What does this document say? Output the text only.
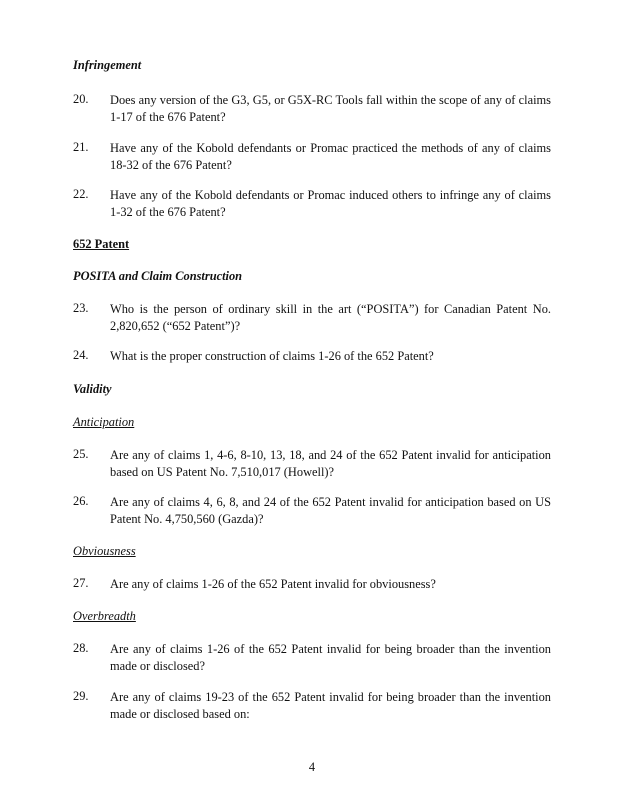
Infringement
20. Does any version of the G3, G5, or G5X-RC Tools fall within the scope of any of claims 1-17 of the 676 Patent?
21. Have any of the Kobold defendants or Promac practiced the methods of any of claims 18-32 of the 676 Patent?
22. Have any of the Kobold defendants or Promac induced others to infringe any of claims 1-32 of the 676 Patent?
652 Patent
POSITA and Claim Construction
23. Who is the person of ordinary skill in the art (“POSITA”) for Canadian Patent No. 2,820,652 (“652 Patent”)?
24. What is the proper construction of claims 1-26 of the 652 Patent?
Validity
Anticipation
25. Are any of claims 1, 4-6, 8-10, 13, 18, and 24 of the 652 Patent invalid for anticipation based on US Patent No. 7,510,017 (Howell)?
26. Are any of claims 4, 6, 8, and 24 of the 652 Patent invalid for anticipation based on US Patent No. 4,750,560 (Gazda)?
Obviousness
27. Are any of claims 1-26 of the 652 Patent invalid for obviousness?
Overbreadth
28. Are any of claims 1-26 of the 652 Patent invalid for being broader than the invention made or disclosed?
29. Are any of claims 19-23 of the 652 Patent invalid for being broader than the invention made or disclosed based on:
4
